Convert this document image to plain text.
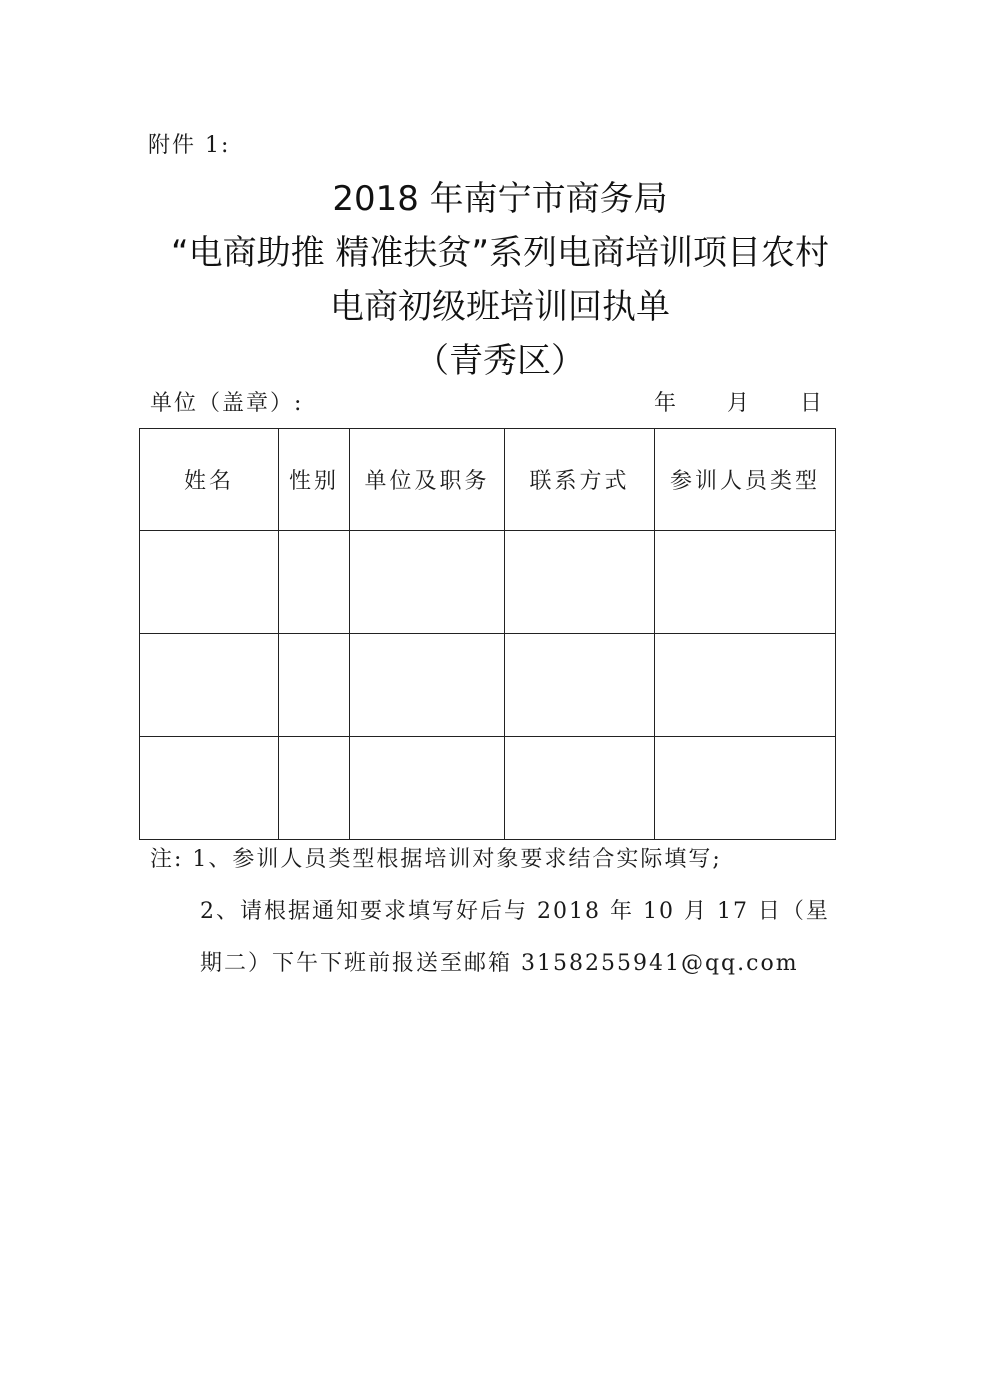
附件 1:
2018 年南宁市商务局
“电商助推 精准扶贫”系列电商培训项目农村
电商初级班培训回执单
（青秀区）
单位（盖章）:	年 月 日
姓名	性别	单位及职务	联系方式	参训人员类型

注: 1、参训人员类型根据培训对象要求结合实际填写;
2、请根据通知要求填写好后与 2018 年 10 月 17 日（星
期二）下午下班前报送至邮箱 3158255941@qq.com
